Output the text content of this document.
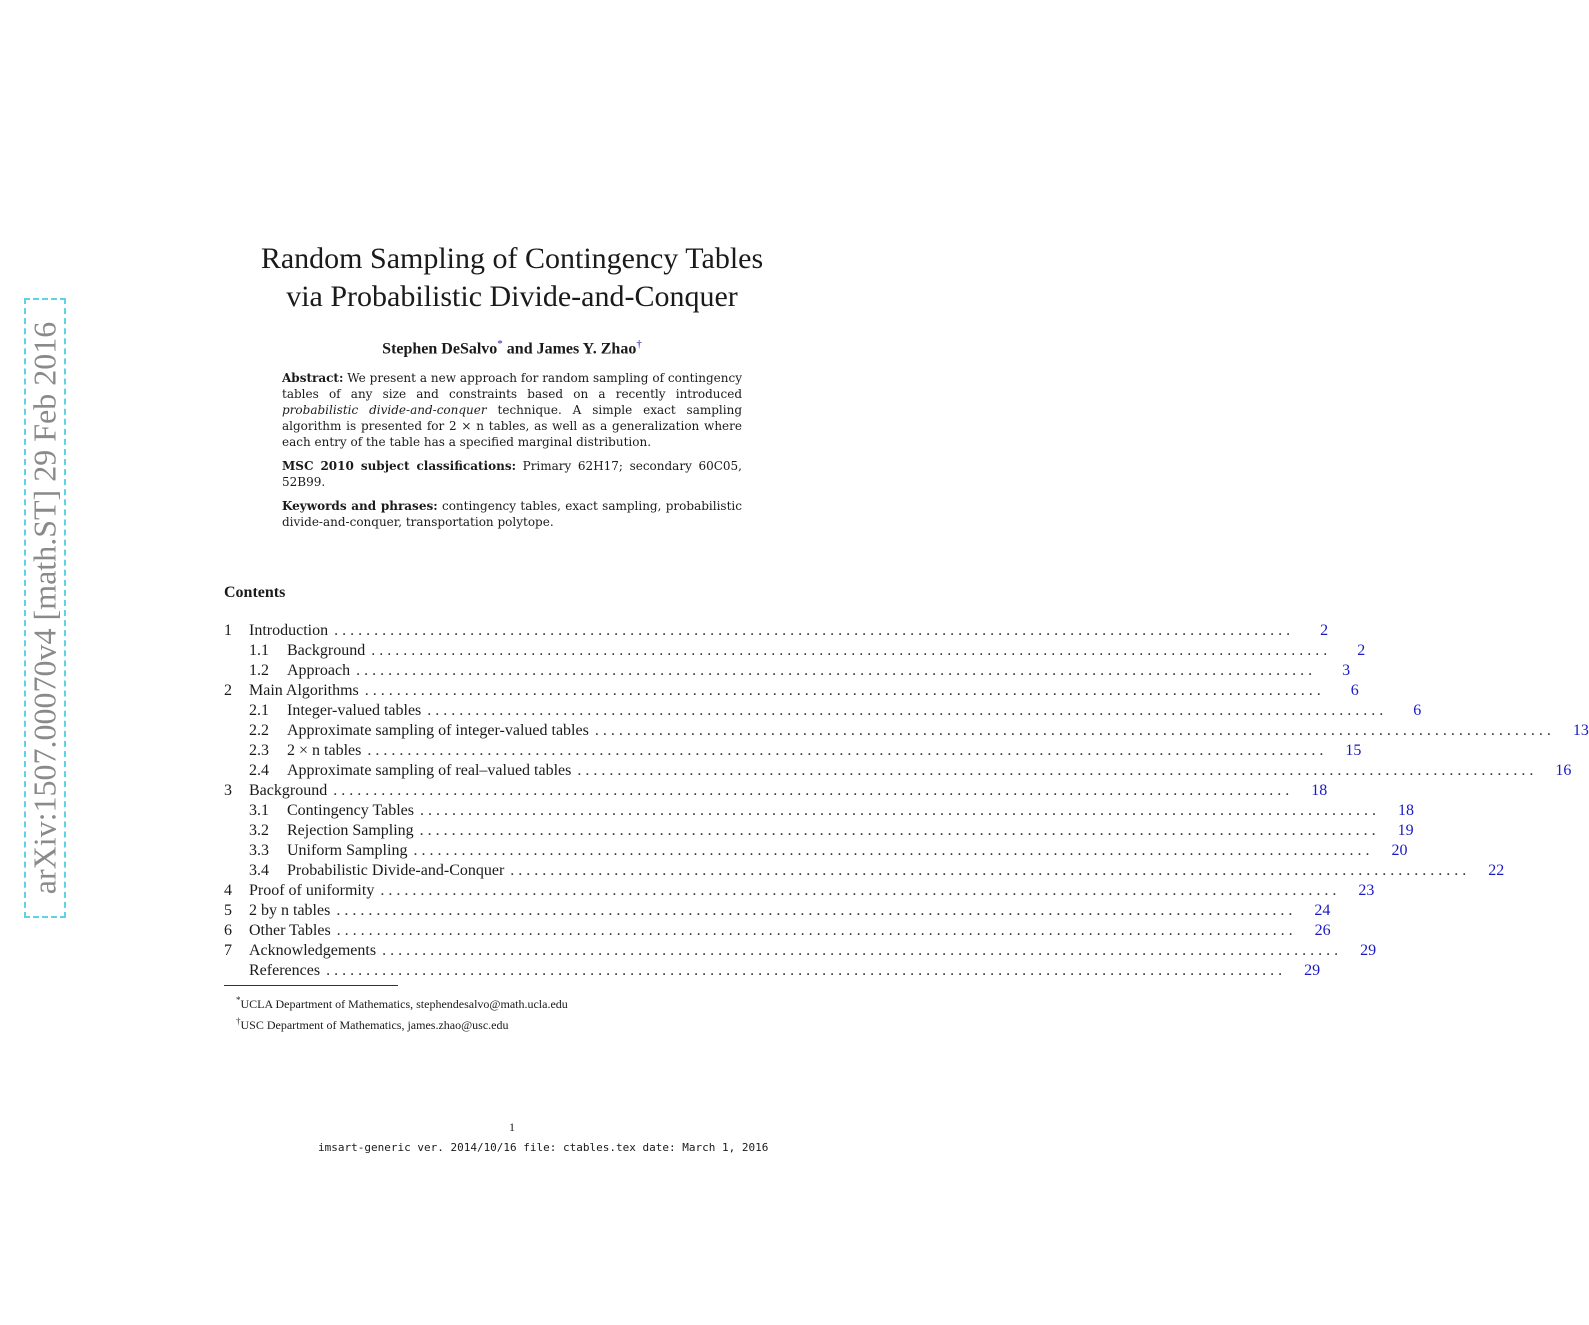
arXiv:1507.00070v4 [math.ST] 29 Feb 2016
Random Sampling of Contingency Tables
via Probabilistic Divide-and-Conquer
Stephen DeSalvo* and James Y. Zhao†

Abstract: We present a new approach for random sampling of contingency tables of any size and constraints based on a recently introduced probabilistic divide-and-conquer technique. A simple exact sampling algorithm is presented for 2 × n tables, as well as a generalization where each entry of the table has a specified marginal distribution.

MSC 2010 subject classifications: Primary 62H17; secondary 60C05, 52B99.

Keywords and phrases: contingency tables, exact sampling, probabilistic divide-and-conquer, transportation polytope.

Contents
1	Introduction ........................................................................................................................	2
1.1	Background ........................................................................................................................	2
1.2	Approach ........................................................................................................................	3
2	Main Algorithms ........................................................................................................................	6
2.1	Integer-valued tables ........................................................................................................................	6
2.2	Approximate sampling of integer-valued tables ........................................................................................................................	13
2.3	2 × n tables ........................................................................................................................	15
2.4	Approximate sampling of real–valued tables ........................................................................................................................	16
3	Background ........................................................................................................................	18
3.1	Contingency Tables ........................................................................................................................	18
3.2	Rejection Sampling ........................................................................................................................	19
3.3	Uniform Sampling ........................................................................................................................	20
3.4	Probabilistic Divide-and-Conquer ........................................................................................................................	22
4	Proof of uniformity ........................................................................................................................	23
5	2 by n tables ........................................................................................................................	24
6	Other Tables ........................................................................................................................	26
7	Acknowledgements ........................................................................................................................	29
References ........................................................................................................................	29
*UCLA Department of Mathematics, stephendesalvo@math.ucla.edu
†USC Department of Mathematics, james.zhao@usc.edu
1
imsart-generic ver. 2014/10/16 file: ctables.tex date: March 1, 2016
